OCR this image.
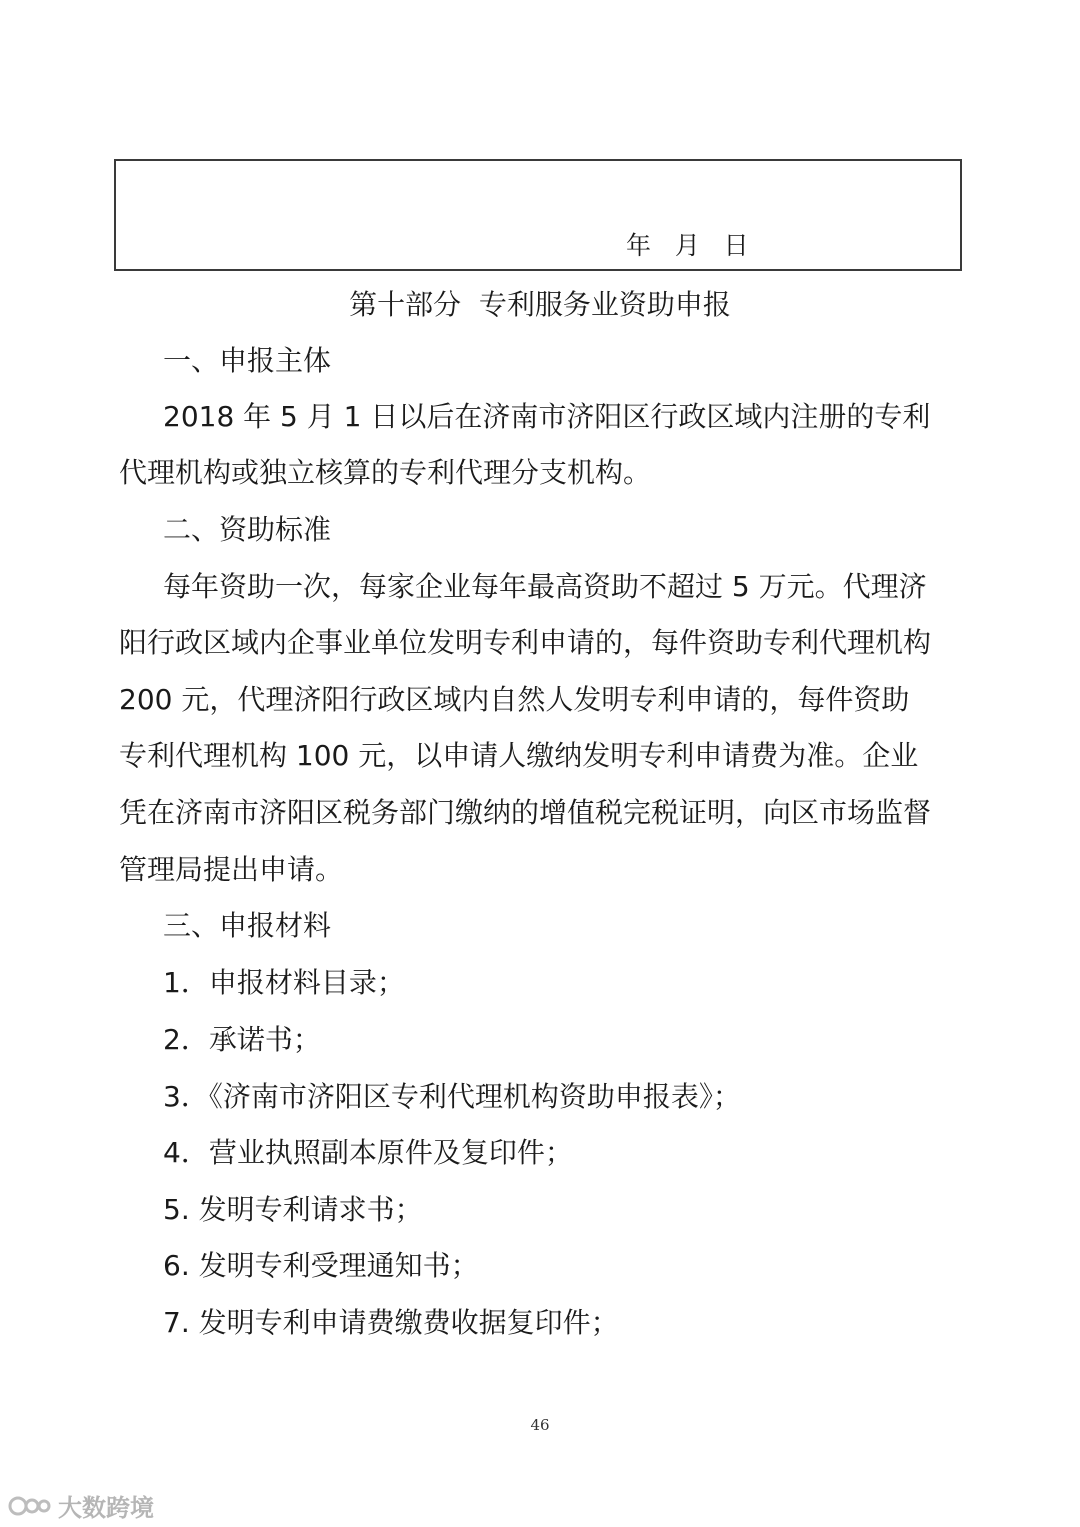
年   月   日
第十部分  专利服务业资助申报
一、申报主体
2018 年 5 月 1 日以后在济南市济阳区行政区域内注册的专利
代理机构或独立核算的专利代理分支机构。
二、资助标准
每年资助一次，每家企业每年最高资助不超过 5 万元。代理济
阳行政区域内企事业单位发明专利申请的，每件资助专利代理机构
200 元，代理济阳行政区域内自然人发明专利申请的，每件资助
专利代理机构 100 元，以申请人缴纳发明专利申请费为准。企业
凭在济南市济阳区税务部门缴纳的增值税完税证明，向区市场监督
管理局提出申请。
三、申报材料
1．申报材料目录；
2．承诺书；
3．《济南市济阳区专利代理机构资助申报表》；
4．营业执照副本原件及复印件；
5. 发明专利请求书；
6. 发明专利受理通知书；
7. 发明专利申请费缴费收据复印件；
46
大数跨境
